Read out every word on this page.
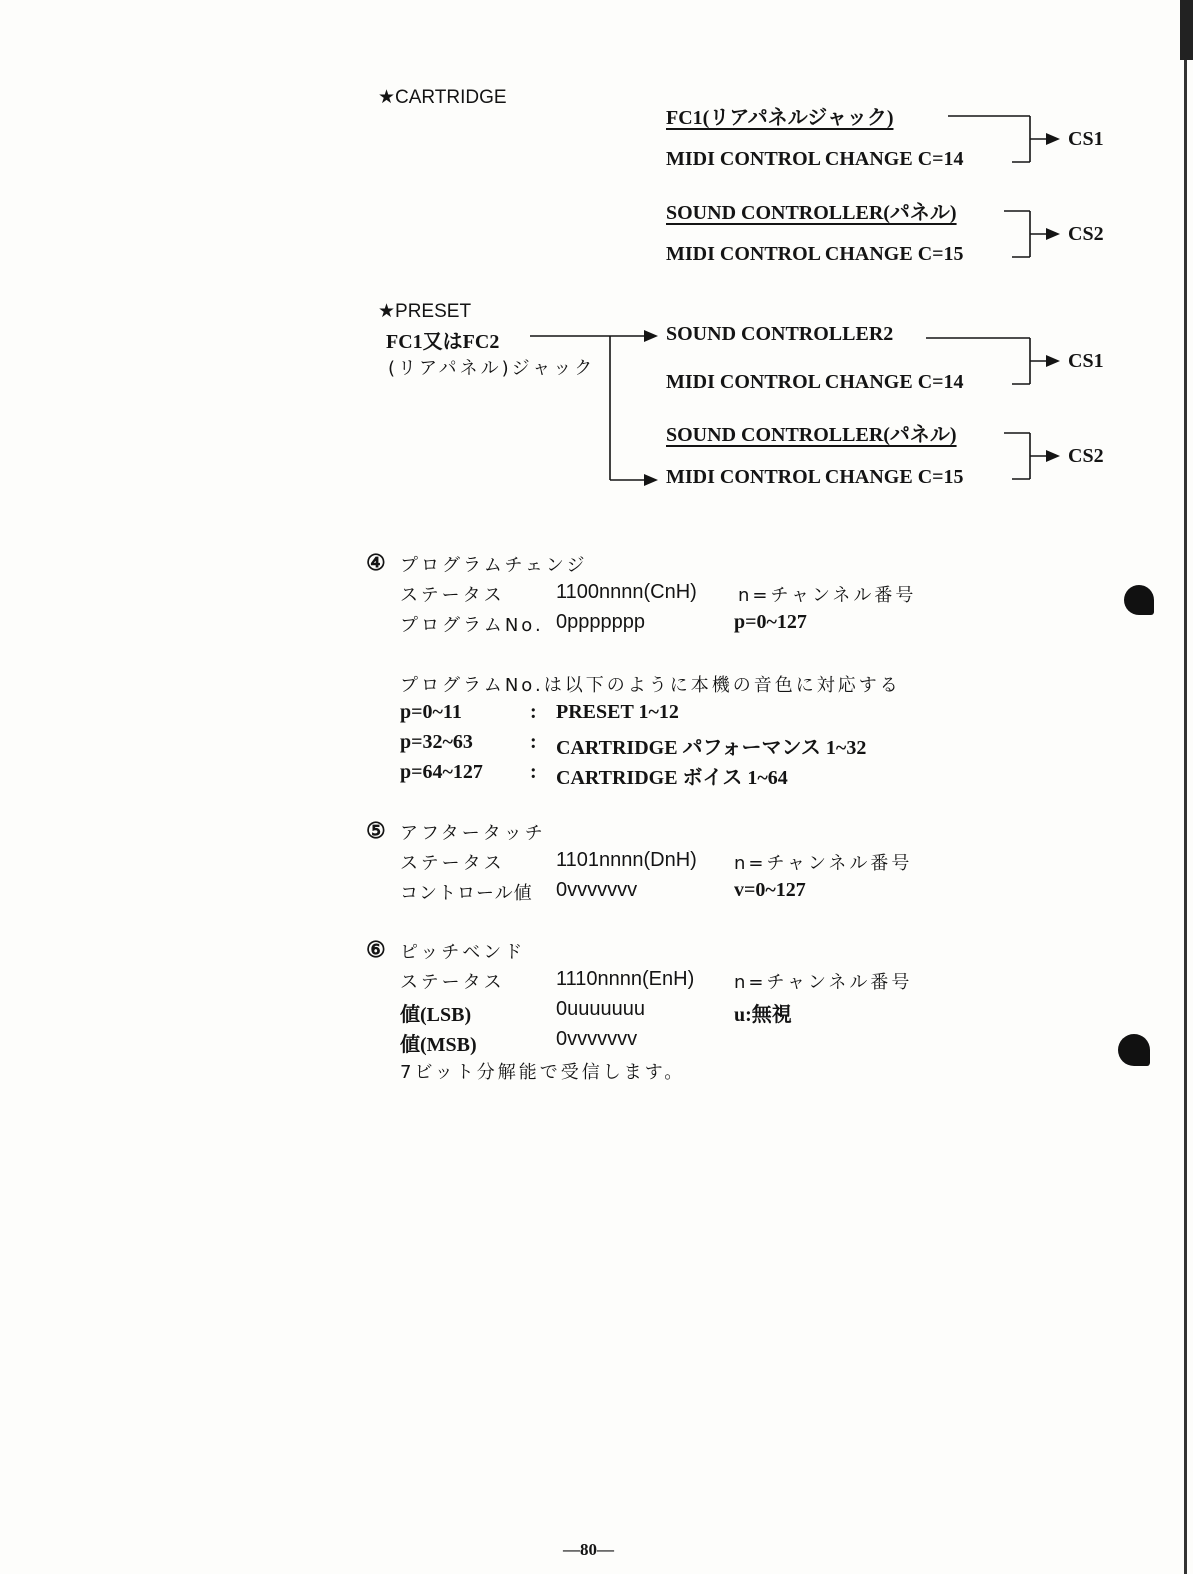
★CARTRIDGE
FC1(リアパネルジャック)
MIDI CONTROL CHANGE C=14
SOUND CONTROLLER(パネル)
MIDI CONTROL CHANGE C=15
CS1
CS2
★PRESET
FC1又はFC2
(リアパネル)ジャック
SOUND CONTROLLER2
MIDI CONTROL CHANGE C=14
SOUND CONTROLLER(パネル)
MIDI CONTROL CHANGE C=15
CS1
CS2
④ プログラムチェンジ
ステータス	1100nnnn(CnH) n=チャンネル番号
プログラムNo. 0ppppppp	p=0~127
プログラムNo.は以下のように本機の音色に対応する
p=0~11	: PRESET 1~12
p=32~63	: CARTRIDGE パフォーマンス 1~32
p=64~127 : CARTRIDGE ボイス 1~64
⑤ アフタータッチ
ステータス	1101nnnn(DnH) n=チャンネル番号
コントロール値 0vvvvvvv	v=0~127
⑥ ピッチベンド
ステータス	1110nnnn(EnH) n=チャンネル番号
値(LSB)	0uuuuuuu	u:無視
値(MSB)	0vvvvvvv
7ビット分解能で受信します。
—80—
